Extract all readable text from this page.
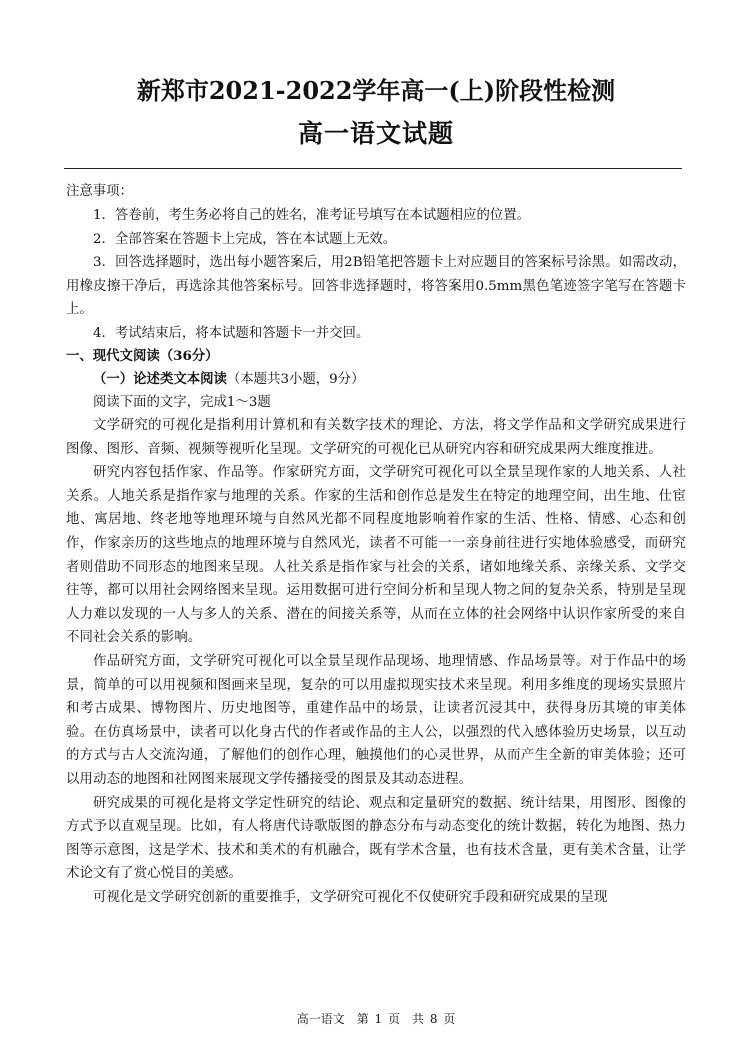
新郑市2021-2022学年高一(上)阶段性检测
高一语文试题
注意事项：

1．答卷前，考生务必将自己的姓名，准考证号填写在本试题相应的位置。

2．全部答案在答题卡上完成，答在本试题上无效。

3．回答选择题时，选出每小题答案后，用2B铅笔把答题卡上对应题目的答案标号涂黑。如需改动，用橡皮擦干净后，再选涂其他答案标号。回答非选择题时，将答案用0.5mm黑色笔迹签字笔写在答题卡上。

4．考试结束后，将本试题和答题卡一并交回。

一、现代文阅读（36分）
（一）论述类文本阅读（本题共3小题，9分）
阅读下面的文字，完成1～3题

文学研究的可视化是指利用计算机和有关数字技术的理论、方法，将文学作品和文学研究成果进行图像、图形、音频、视频等视听化呈现。文学研究的可视化已从研究内容和研究成果两大维度推进。

研究内容包括作家、作品等。作家研究方面，文学研究可视化可以全景呈现作家的人地关系、人社关系。人地关系是指作家与地理的关系。作家的生活和创作总是发生在特定的地理空间，出生地、仕宦地、寓居地、终老地等地理环境与自然风光都不同程度地影响着作家的生活、性格、情感、心态和创作，作家亲历的这些地点的地理环境与自然风光，读者不可能一一亲身前往进行实地体验感受，而研究者则借助不同形态的地图来呈现。人社关系是指作家与社会的关系，诸如地缘关系、亲缘关系、文学交往等，都可以用社会网络图来呈现。运用数据可进行空间分析和呈现人物之间的复杂关系，特别是呈现人力难以发现的一人与多人的关系、潜在的间接关系等，从而在立体的社会网络中认识作家所受的来自不同社会关系的影响。

作品研究方面，文学研究可视化可以全景呈现作品现场、地理情感、作品场景等。对于作品中的场景，简单的可以用视频和图画来呈现，复杂的可以用虚拟现实技术来呈现。利用多维度的现场实景照片和考古成果、博物图片、历史地图等，重建作品中的场景，让读者沉浸其中，获得身历其境的审美体验。在仿真场景中，读者可以化身古代的作者或作品的主人公，以强烈的代入感体验历史场景，以互动的方式与古人交流沟通，了解他们的创作心理，触摸他们的心灵世界，从而产生全新的审美体验；还可以用动态的地图和社网图来展现文学传播接受的图景及其动态进程。

研究成果的可视化是将文学定性研究的结论、观点和定量研究的数据、统计结果，用图形、图像的方式予以直观呈现。比如，有人将唐代诗歌版图的静态分布与动态变化的统计数据，转化为地图、热力图等示意图，这是学术、技术和美术的有机融合，既有学术含量，也有技术含量，更有美术含量，让学术论文有了赏心悦目的美感。

可视化是文学研究创新的重要推手，文学研究可视化不仅使研究手段和研究成果的呈现

高一语文　第 1 页　共 8 页
